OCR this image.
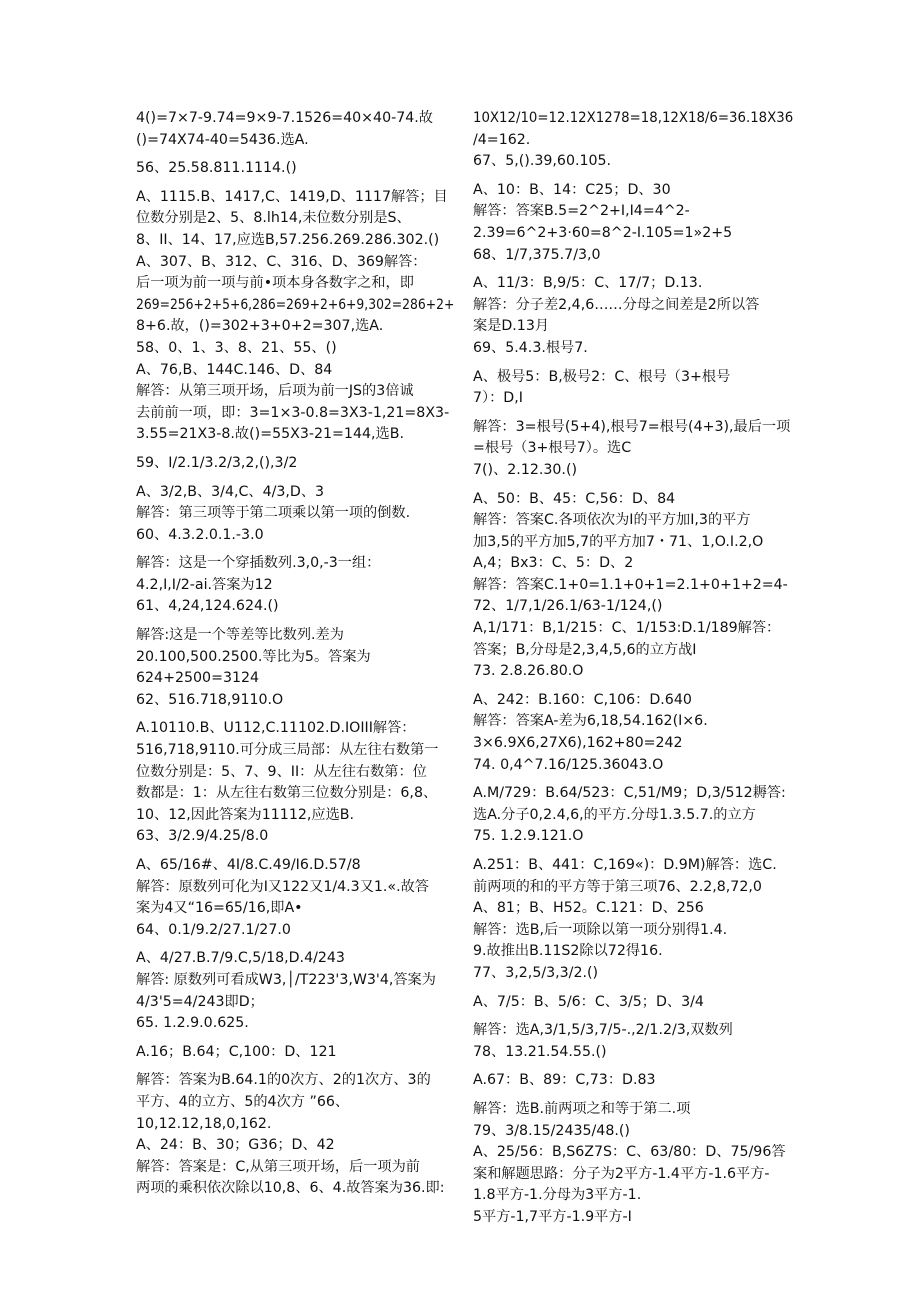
4()=7×7-9.74=9×9-7.1526=40×40-74.故
()=74X74-40=5436.选A.
56、25.58.811.1114.()
A、1115.B、1417,C、1419,D、1117解答；目
位数分别是2、5、8.lh14,未位数分别是S、
8、II、14、17,应选B,57.256.269.286.302.()
A、307、B、312、C、316、D、369解答：
后一项为前一项与前•项本身各数字之和，即
269=256+2+5+6,286=269+2+6+9,302=286+2+
8+6.故，()=302+3+0+2=307,选A.
58、0、1、3、8、21、55、()
A、76,B、144C.146、D、84
解答：从第三项开场，后项为前一JS的3倍诚
去前前一项，即：3=1×3-0.8=3X3-1,21=8X3-
3.55=21X3-8.故()=55X3-21=144,选B.
59、I/2.1/3.2/3,2,(),3/2
A、3/2,B、3/4,C、4/3,D、3
解答：第三项等于第二项乘以第一项的倒数.
60、4.3.2.0.1.-3.0
解答：这是一个穿插数列.3,0,-3一组：
4.2,I,I/2-ai.答案为12
61、4,24,124.624.()
解答:这是一个等差等比数列.差为
20.100,500.2500.等比为5。答案为
624+2500=3124
62、516.718,9110.O
A.10110.B、U112,C.11102.D.IOIII解答：
516,718,9110.可分成三局部：从左往右数第一
位数分别是：5、7、9、II：从左往右数第：位
数都是：1：从左往右数第三位数分别是：6,8、
10、12,因此答案为11112,应选B.
63、3/2.9/4.25/8.0
A、65/16#、4I/8.C.49/I6.D.57/8
解答：原数列可化为I又122又1/4.3又1.«.故答
案为4又“16=65/16,即A•
64、0.1/9.2/27.1/27.0
A、4∕27.B.7∕9.C,5∕18,D.4/243
解答: 原数列可看成W3,│/T223'3,W3'4,答案为
4/3'5=4/243即D；
65. 1.2.9.0.625.
A.16；B.64；C,100：D、121
解答：答案为B.64.1的0次方、2的1次方、3的
平方、4的立方、5的4次方 ”66、
10,12.12,18,0,162.
A、24：B、30；G36；D、42
解答：答案是：C,从第三项开场，后一项为前
两项的乘积依次除以10,8、6、4.故答案为36.即:
10X12/10=12.12X1278=18,12X18/6=36.18X36
/4=162.
67、5,().39,60.105.
A、10：B、14：C25；D、30
解答：答案B.5=2^2+I,I4=4^2-
2.39=6^2+3·60=8^2-I.105=1»2+5
68、1/7,375.7/3,0
A、11/3：B,9/5：C、17/7；D.13.
解答：分子差2,4,6……分母之间差是2所以答
案是D.13月
69、5.4.3.根号7.
A、极号5：B,极号2：C、根号（3+根号
7）：D,I
解答：3=根号(5+4),根号7=根号(4+3),最后一项
=根号（3+根号7）。选C
7()、2.12.30.()
A、50：B、45：C,56：D、84
解答：答案C.各项依次为I的平方加I,3的平方
加3,5的平方加5,7的平方加7・71、1,O.I.2,O
A,4；Bx3：C、5：D、2
解答：答案C.1+0=1.1+0+1=2.1+0+1+2=4-
72、1/7,1/26.1/63-1/124,()
A,1/171：B,1/215：C、1/153:D.1/189解答：
答案；B,分母是2,3,4,5,6的立方战I
73. 2.8.26.80.O
A、242：B.160：C,106：D.640
解答：答案A-差为6,18,54.162(I×6.
3×6.9X6,27X6),162+80=242
74. 0,4^7.16/125.36043.O
A.M/729：B.64/523：C,51/M9；D,3/512耨答:
选A.分子0,2.4,6,的平方.分母1.3.5.7.的立方
75. 1.2.9.121.O
A.251：B、441：C,169«)：D.9M)解答：选C.
前两项的和的平方等于第三项76、2.2,8,72,0
A、81；B、H52。C.121：D、256
解答：选B,后一项除以第一项分别得1.4.
9.故推出B.11S2除以72得16.
77、3,2,5/3,3/2.()
A、7/5：B、5/6：C、3/5；D、3/4
解答：选A,3/1,5/3,7/5-.,2/1.2/3,双数列
78、13.21.54.55.()
A.67：B、89：C,73：D.83
解答：选B.前两项之和等于第二.项
79、3/8.15/2435/48.()
A、25/56：B,S6Z7S：C、63/80：D、75/96答
案和解题思路：分子为2平方-1.4平方-1.6平方-
1.8平方-1.分母为3平方-1.
5平方-1,7平方-1.9平方-I
